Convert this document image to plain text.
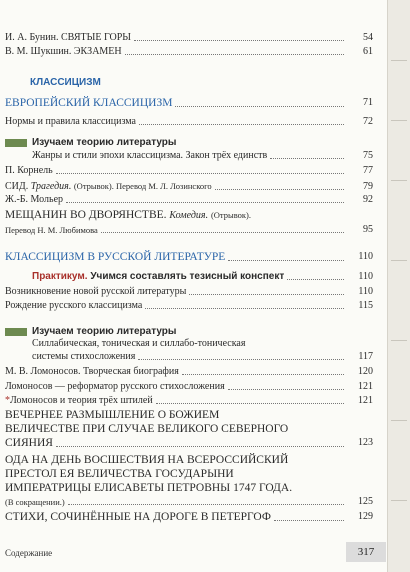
И. А. Бунин. СВЯТЫЕ ГОРЫ	54
В. М. Шукшин. ЭКЗАМЕН	61
КЛАССИЦИЗМ
ЕВРОПЕЙСКИЙ КЛАССИЦИЗМ	71
Нормы и правила классицизма	72
Изучаем теорию литературы
Жанры и стили эпохи классицизма. Закон трёх единств	75
П. Корнель	77
СИД. Трагедия. (Отрывок). Перевод М. Л. Лозинского	79
Ж.-Б. Мольер	92
МЕЩАНИН ВО ДВОРЯНСТВЕ. Комедия. (Отрывок).
Перевод Н. М. Любимова	95
КЛАССИЦИЗМ В РУССКОЙ ЛИТЕРАТУРЕ	110
Практикум. Учимся составлять тезисный конспект	110
Возникновение новой русской литературы	110
Рождение русского классицизма	115
Изучаем теорию литературы
Силлабическая, тоническая и силлабо-тоническая
системы стихосложения	117
М. В. Ломоносов. Творческая биография	120
Ломоносов — реформатор русского стихосложения	121
*Ломоносов и теория трёх штилей	121
ВЕЧЕРНЕЕ РАЗМЫШЛЕНИЕ О БОЖИЕМ
ВЕЛИЧЕСТВЕ ПРИ СЛУЧАЕ ВЕЛИКОГО СЕВЕРНОГО
СИЯНИЯ	123
ОДА НА ДЕНЬ ВОСШЕСТВИЯ НА ВСЕРОССИЙСКИЙ
ПРЕСТОЛ ЕЯ ВЕЛИЧЕСТВА ГОСУДАРЫНИ
ИМПЕРАТРИЦЫ ЕЛИСАВЕТЫ ПЕТРОВНЫ 1747 ГОДА.
(В сокращении.)	125
СТИХИ, СОЧИНЁННЫЕ НА ДОРОГЕ В ПЕТЕРГОФ	129
Содержание	317
